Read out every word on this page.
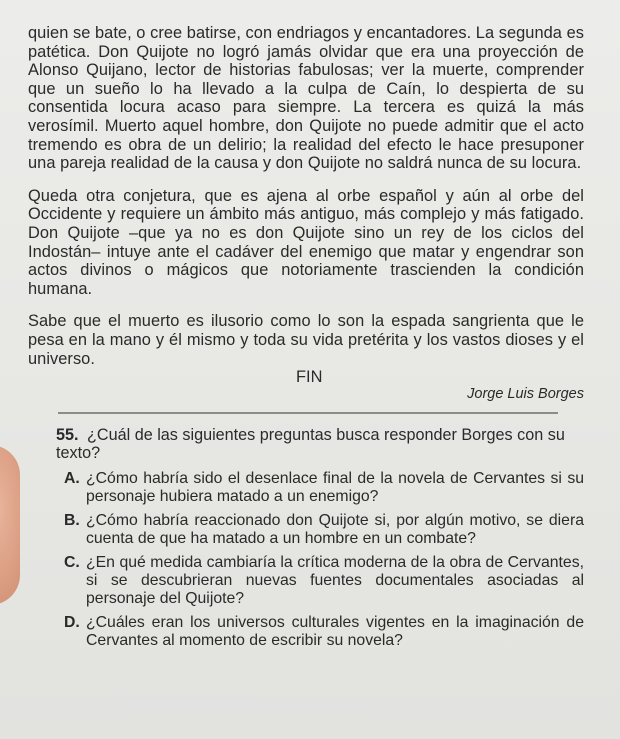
quien se bate, o cree batirse, con endriagos y encantadores. La segunda es patética. Don Quijote no logró jamás olvidar que era una proyección de Alonso Quijano, lector de historias fabulosas; ver la muerte, comprender que un sueño lo ha llevado a la culpa de Caín, lo despierta de su consentida locura acaso para siempre. La tercera es quizá la más verosímil. Muerto aquel hombre, don Quijote no puede admitir que el acto tremendo es obra de un delirio; la realidad del efecto le hace presuponer una pareja realidad de la causa y don Quijote no saldrá nunca de su locura.

Queda otra conjetura, que es ajena al orbe español y aún al orbe del Occidente y requiere un ámbito más antiguo, más complejo y más fatigado. Don Quijote –que ya no es don Quijote sino un rey de los ciclos del Indostán– intuye ante el cadáver del enemigo que matar y engendrar son actos divinos o mágicos que notoriamente trascienden la condición humana.

Sabe que el muerto es ilusorio como lo son la espada sangrienta que le pesa en la mano y él mismo y toda su vida pretérita y los vastos dioses y el universo.

FIN
Jorge Luis Borges
55. ¿Cuál de las siguientes preguntas busca responder Borges con su texto?
A. ¿Cómo habría sido el desenlace final de la novela de Cervantes si su personaje hubiera matado a un enemigo?
B. ¿Cómo habría reaccionado don Quijote si, por algún motivo, se diera cuenta de que ha matado a un hombre en un combate?
C. ¿En qué medida cambiaría la crítica moderna de la obra de Cervantes, si se descubrieran nuevas fuentes documentales asociadas al personaje del Quijote?
D. ¿Cuáles eran los universos culturales vigentes en la imaginación de Cervantes al momento de escribir su novela?
